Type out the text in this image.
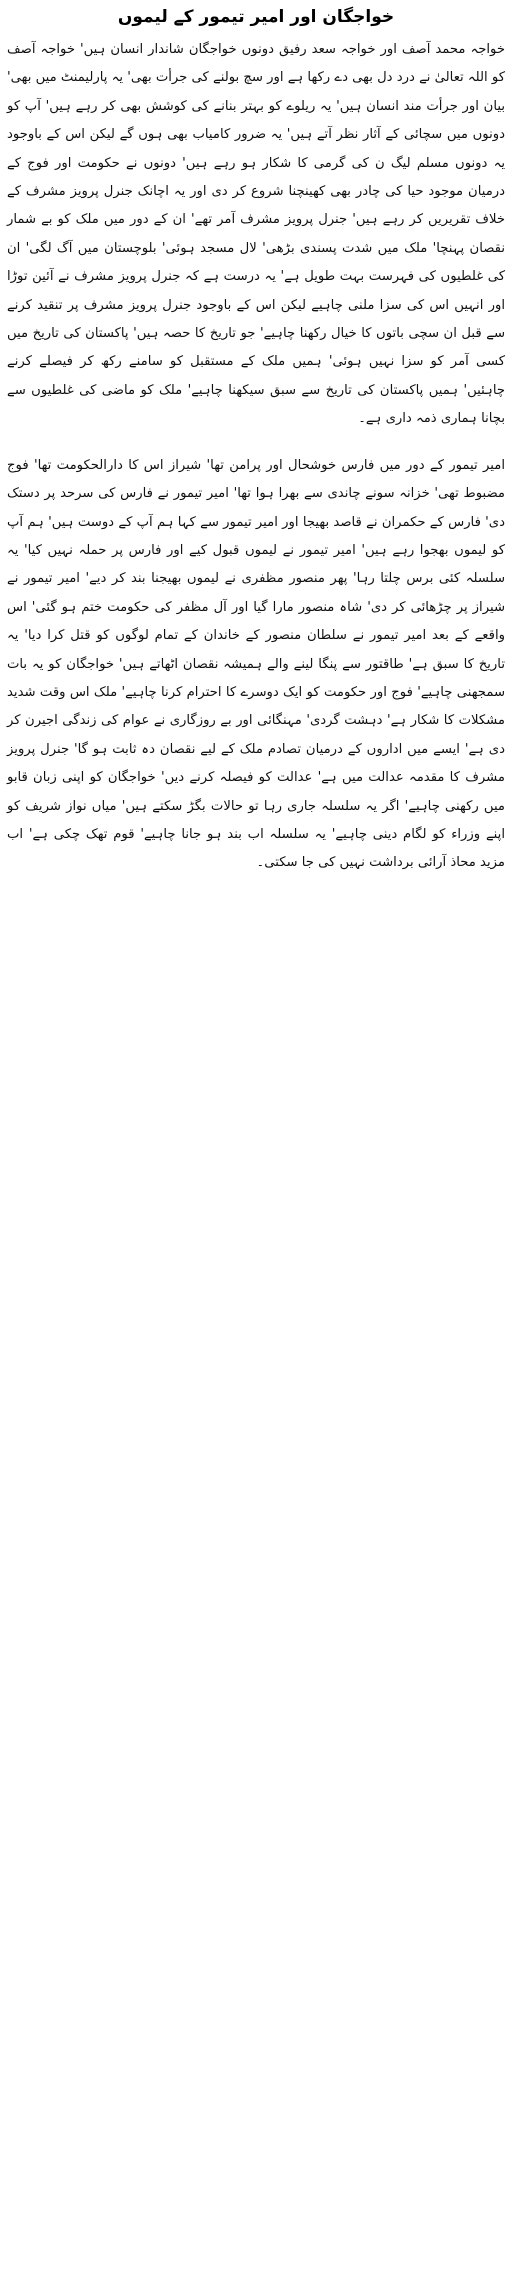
خواجگان اور امیر تیمور کے لیموں

خواجہ محمد آصف اور خواجہ سعد رفیق دونوں خواجگان شاندار انسان ہیں' خواجہ آصف کو اللہ تعالیٰ نے درد دل بھی دے رکھا ہے اور سچ بولنے کی جرأت بھی' یہ پارلیمنٹ میں بھی' بیان اور جرأت مند انسان ہیں' یہ ریلوے کو بہتر بنانے کی کوشش بھی کر رہے ہیں' آپ کو دونوں میں سچائی کے آثار نظر آتے ہیں' یہ ضرور کامیاب بھی ہوں گے لیکن اس کے باوجود یہ دونوں مسلم لیگ ن کی گرمی کا شکار ہو رہے ہیں' دونوں نے حکومت اور فوج کے درمیان موجود حیا کی چادر بھی کھینچنا شروع کر دی اور یہ اچانک جنرل پرویز مشرف کے خلاف تقریریں کر رہے ہیں' جنرل پرویز مشرف آمر تھے' ان کے دور میں ملک کو بے شمار نقصان پہنچا' ملک میں شدت پسندی بڑھی' لال مسجد ہوئی' بلوچستان میں آگ لگی' ان کی غلطیوں کی فہرست بہت طویل ہے' یہ درست ہے کہ جنرل پرویز مشرف نے آئین توڑا اور انہیں اس کی سزا ملنی چاہیے لیکن اس کے باوجود جنرل پرویز مشرف پر تنقید کرنے سے قبل ان سچی باتوں کا خیال رکھنا چاہیے' جو تاریخ کا حصہ ہیں' پاکستان کی تاریخ میں کسی آمر کو سزا نہیں ہوئی' ہمیں ملک کے مستقبل کو سامنے رکھ کر فیصلے کرنے چاہئیں' ہمیں پاکستان کی تاریخ سے سبق سیکھنا چاہیے' ملک کو ماضی کی غلطیوں سے بچانا ہماری ذمہ داری ہے۔

امیر تیمور کے دور میں فارس خوشحال اور پرامن تھا' شیراز اس کا دارالحکومت تھا' فوج مضبوط تھی' خزانہ سونے چاندی سے بھرا ہوا تھا' امیر تیمور نے فارس کی سرحد پر دستک دی' فارس کے حکمران نے قاصد بھیجا اور امیر تیمور سے کہا ہم آپ کے دوست ہیں' ہم آپ کو لیموں بھجوا رہے ہیں' امیر تیمور نے لیموں قبول کیے اور فارس پر حملہ نہیں کیا' یہ سلسلہ کئی برس چلتا رہا' پھر منصور مظفری نے لیموں بھیجنا بند کر دیے' امیر تیمور نے شیراز پر چڑھائی کر دی' شاہ منصور مارا گیا اور آل مظفر کی حکومت ختم ہو گئی' اس واقعے کے بعد امیر تیمور نے سلطان منصور کے خاندان کے تمام لوگوں کو قتل کرا دیا' یہ تاریخ کا سبق ہے' طاقتور سے پنگا لینے والے ہمیشہ نقصان اٹھاتے ہیں' خواجگان کو یہ بات سمجھنی چاہیے' فوج اور حکومت کو ایک دوسرے کا احترام کرنا چاہیے' ملک اس وقت شدید مشکلات کا شکار ہے' دہشت گردی' مہنگائی اور بے روزگاری نے عوام کی زندگی اجیرن کر دی ہے' ایسے میں اداروں کے درمیان تصادم ملک کے لیے نقصان دہ ثابت ہو گا' جنرل پرویز مشرف کا مقدمہ عدالت میں ہے' عدالت کو فیصلہ کرنے دیں' خواجگان کو اپنی زبان قابو میں رکھنی چاہیے' اگر یہ سلسلہ جاری رہا تو حالات بگڑ سکتے ہیں' میاں نواز شریف کو اپنے وزراء کو لگام دینی چاہیے' یہ سلسلہ اب بند ہو جانا چاہیے' قوم تھک چکی ہے' اب مزید محاذ آرائی برداشت نہیں کی جا سکتی۔
